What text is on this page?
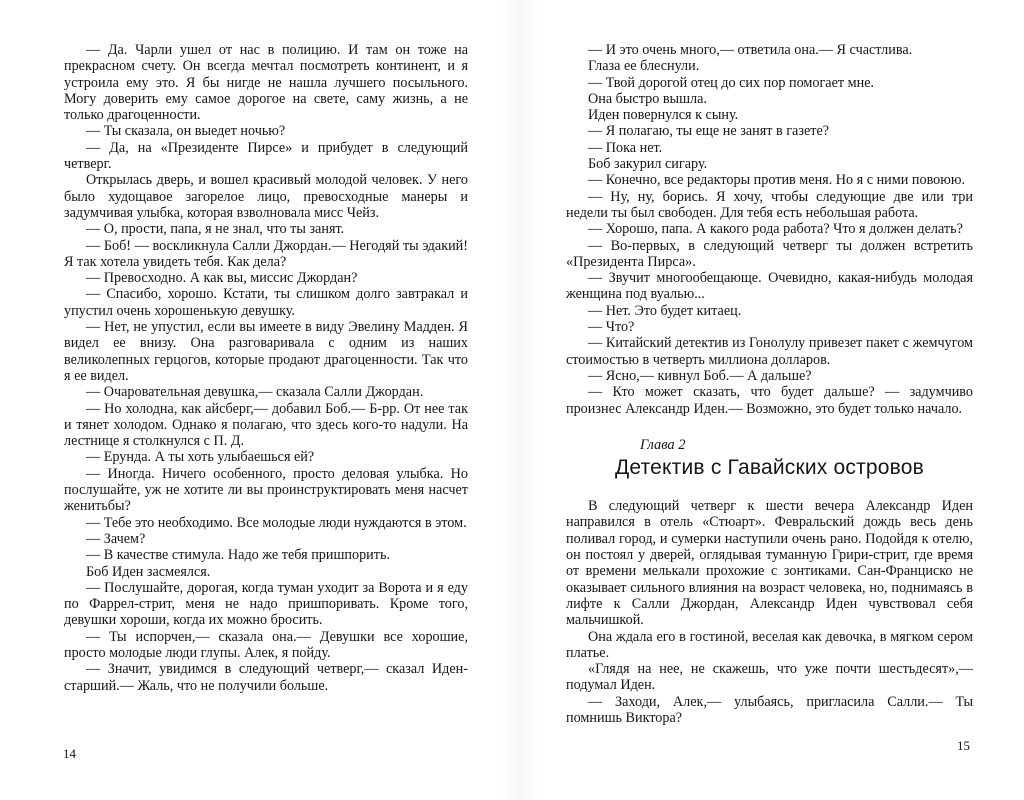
— Да. Чарли ушел от нас в полицию. И там он тоже на прекрасном счету. Он всегда мечтал посмотреть континент, и я устроила ему это. Я бы нигде не нашла лучшего посыльного. Могу доверить ему самое дорогое на свете, саму жизнь, а не только драгоценности.

— Ты сказала, он выедет ночью?

— Да, на «Президенте Пирсе» и прибудет в следующий четверг.

Открылась дверь, и вошел красивый молодой человек. У него было худощавое загорелое лицо, превосходные манеры и задумчивая улыбка, которая взволновала мисс Чейз.

— О, прости, папа, я не знал, что ты занят.

— Боб! — воскликнула Салли Джордан.— Негодяй ты эдакий! Я так хотела увидеть тебя. Как дела?

— Превосходно. А как вы, миссис Джордан?

— Спасибо, хорошо. Кстати, ты слишком долго завтракал и упустил очень хорошенькую девушку.

— Нет, не упустил, если вы имеете в виду Эвелину Мадден. Я видел ее внизу. Она разговаривала с одним из наших великолепных герцогов, которые продают драгоценности. Так что я ее видел.

— Очаровательная девушка,— сказала Салли Джордан.

— Но холодна, как айсберг,— добавил Боб.— Б-рр. От нее так и тянет холодом. Однако я полагаю, что здесь кого-то надули. На лестнице я столкнулся с П. Д.

— Ерунда. А ты хоть улыбаешься ей?

— Иногда. Ничего особенного, просто деловая улыбка. Но послушайте, уж не хотите ли вы проинструктировать меня насчет женитьбы?

— Тебе это необходимо. Все молодые люди нуждаются в этом.

— Зачем?

— В качестве стимула. Надо же тебя пришпорить.

Боб Иден засмеялся.

— Послушайте, дорогая, когда туман уходит за Ворота и я еду по Фаррел-стрит, меня не надо пришпоривать. Кроме того, девушки хороши, когда их можно бросить.

— Ты испорчен,— сказала она.— Девушки все хорошие, просто молодые люди глупы. Алек, я пойду.

— Значит, увидимся в следующий четверг,— сказал Иден-старший.— Жаль, что не получили больше.

— И это очень много,— ответила она.— Я счастлива.

Глаза ее блеснули.

— Твой дорогой отец до сих пор помогает мне.

Она быстро вышла.

Иден повернулся к сыну.

— Я полагаю, ты еще не занят в газете?

— Пока нет.

Боб закурил сигару.

— Конечно, все редакторы против меня. Но я с ними повоюю.

— Ну, ну, борись. Я хочу, чтобы следующие две или три недели ты был свободен. Для тебя есть небольшая работа.

— Хорошо, папа. А какого рода работа? Что я должен делать?

— Во-первых, в следующий четверг ты должен встретить «Президента Пирса».

— Звучит многообещающе. Очевидно, какая-нибудь молодая женщина под вуалью...

— Нет. Это будет китаец.

— Что?

— Китайский детектив из Гонолулу привезет пакет с жемчугом стоимостью в четверть миллиона долларов.

— Ясно,— кивнул Боб.— А дальше?

— Кто может сказать, что будет дальше? — задумчиво произнес Александр Иден.— Возможно, это будет только начало.

Глава 2
Детектив с Гавайских островов

В следующий четверг к шести вечера Александр Иден направился в отель «Стюарт». Февральский дождь весь день поливал город, и сумерки наступили очень рано. Подойдя к отелю, он постоял у дверей, оглядывая туманную Грири-стрит, где время от времени мелькали прохожие с зонтиками. Сан-Франциско не оказывает сильного влияния на возраст человека, но, поднимаясь в лифте к Салли Джордан, Александр Иден чувствовал себя мальчишкой.

Она ждала его в гостиной, веселая как девочка, в мягком сером платье.

«Глядя на нее, не скажешь, что уже почти шестьдесят»,— подумал Иден.

— Заходи, Алек,— улыбаясь, пригласила Салли.— Ты помнишь Виктора?

14
15
